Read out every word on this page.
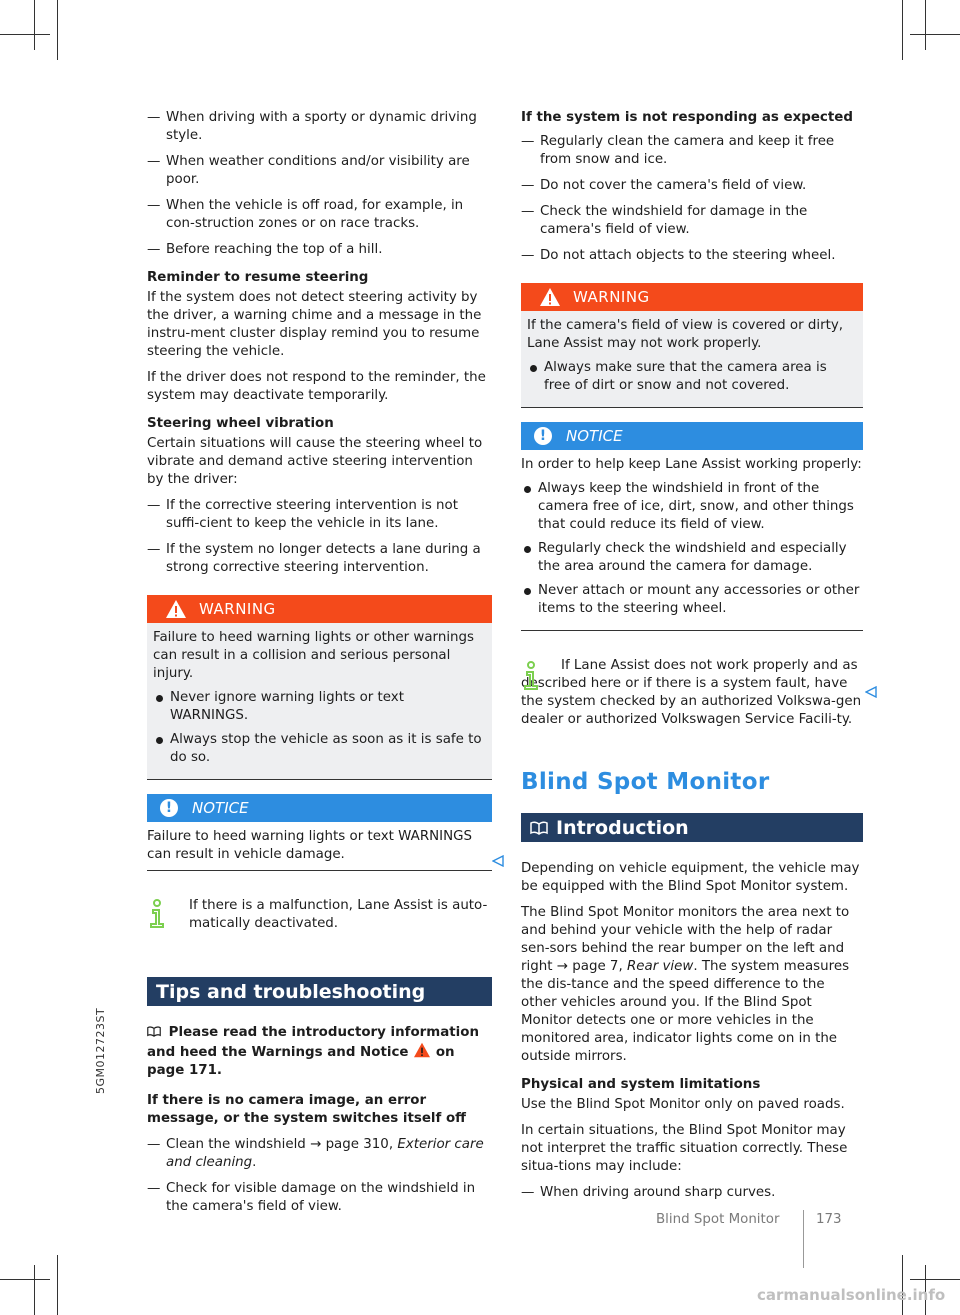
5GM012723ST
— When driving with a sporty or dynamic driving style.
— When weather conditions and/or visibility are poor.
— When the vehicle is off road, for example, in con-struction zones or on race tracks.
— Before reaching the top of a hill.
Reminder to resume steering

If the system does not detect steering activity by the driver, a warning chime and a message in the instru-ment cluster display remind you to resume steering the vehicle.

If the driver does not respond to the reminder, the system may deactivate temporarily.

Steering wheel vibration

Certain situations will cause the steering wheel to vibrate and demand active steering intervention by the driver:

— If the corrective steering intervention is not suffi-cient to keep the vehicle in its lane.
— If the system no longer detects a lane during a strong corrective steering intervention.
WARNING

Failure to heed warning lights or other warnings can result in a collision and serious personal injury.

Never ignore warning lights or text WARNINGS.
Always stop the vehicle as soon as it is safe to do so.
!	NOTICE

Failure to heed warning lights or text WARNINGS can result in vehicle damage.

If there is a malfunction, Lane Assist is auto-matically deactivated.
Tips and troubleshooting
Please read the introductory information and heed the Warnings and Notice on page 171.
If there is no camera image, an error message, or the system switches itself off
— Clean the windshield → page 310, Exterior care and cleaning.
— Check for visible damage on the windshield in the camera's field of view.
If the system is not responding as expected
— Regularly clean the camera and keep it free from snow and ice.
— Do not cover the camera's field of view.
— Check the windshield for damage in the camera's field of view.
— Do not attach objects to the steering wheel.
WARNING

If the camera's field of view is covered or dirty, Lane Assist may not work properly.

Always make sure that the camera area is free of dirt or snow and not covered.
!	NOTICE

In order to help keep Lane Assist working properly:

Always keep the windshield in front of the camera free of ice, dirt, snow, and other things that could reduce its field of view.
Regularly check the windshield and especially the area around the camera for damage.
Never attach or mount any accessories or other items to the steering wheel.
If Lane Assist does not work properly and as described here or if there is a system fault, have the system checked by an authorized Volkswa-gen dealer or authorized Volkswagen Service Facili-ty.
Blind Spot Monitor
Introduction

Depending on vehicle equipment, the vehicle may be equipped with the Blind Spot Monitor system.

The Blind Spot Monitor monitors the area next to and behind your vehicle with the help of radar sen-sors behind the rear bumper on the left and right → page 7, Rear view. The system measures the dis-tance and the speed difference to the other vehicles around you. If the Blind Spot Monitor detects one or more vehicles in the monitored area, indicator lights come on in the outside mirrors.

Physical and system limitations

Use the Blind Spot Monitor only on paved roads.

In certain situations, the Blind Spot Monitor may not interpret the traffic situation correctly. These situa-tions may include:

— When driving around sharp curves.
Blind Spot Monitor	173
carmanualsonline.info
